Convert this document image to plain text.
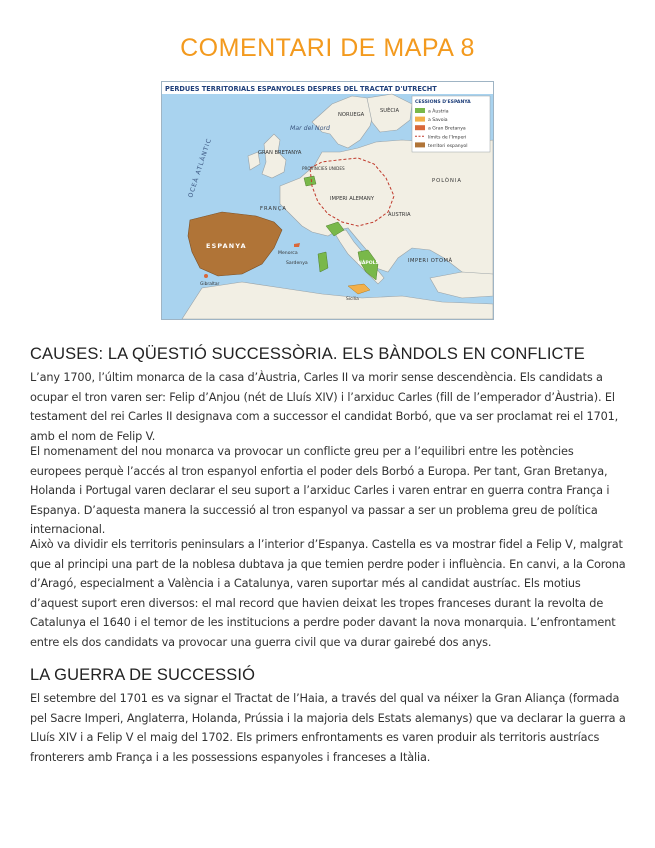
COMENTARI DE MAPA 8
PERDUES TERRITORIALS ESPANYOLES DESPRES DEL TRACTAT D'UTRECHT
OCEÀ ATLÀNTIC
Mar del Nord
NORUEGA
SUÈCIA
GRAN BRETANYA
PROVÍNCIES UNIDES
POLÒNIA
IMPERI ALEMANY
FRANÇA
ÀUSTRIA
IMPERI OTOMÀ
Menorca
Sardenya
Gibraltar
Sicília
ESPANYA
NÀPOLS
CESSIONS D'ESPANYA
a Àustria
a Savoia
a Gran Bretanya
límits de l'Imperi
territori espanyol
CAUSES: LA QÜESTIÓ SUCCESSÒRIA. ELS BÀNDOLS EN CONFLICTE

L’any 1700, l’últim monarca de la casa d’Àustria, Carles II va morir sense descendència. Els candidats a ocupar el tron varen ser: Felip d’Anjou (nét de Lluís XIV) i l’arxiduc Carles (fill de l’emperador d’Àustria). El testament del rei Carles II designava com a successor el candidat Borbó, que va ser proclamat rei el 1701, amb el nom de Felip V.

El nomenament del nou monarca va provocar un conflicte greu per a l’equilibri entre les potències europees perquè l’accés al tron espanyol enfortia el poder dels Borbó a Europa. Per tant, Gran Bretanya, Holanda i Portugal varen declarar el seu suport a l’arxiduc Carles i varen entrar en guerra contra França i Espanya. D’aquesta manera la successió al tron espanyol va passar a ser un problema greu de política internacional.

Això va dividir els territoris peninsulars a l’interior d’Espanya. Castella es va mostrar fidel a Felip V, malgrat que al principi una part de la noblesa dubtava ja que temien perdre poder i influència. En canvi, a la Corona d’Aragó, especialment a València i a Catalunya, varen suportar més al candidat austríac. Els motius d’aquest suport eren diversos: el mal record que havien deixat les tropes franceses durant la revolta de Catalunya el 1640 i el temor de les institucions a perdre poder davant la nova monarquia. L’enfrontament entre els dos candidats va provocar una guerra civil que va durar gairebé dos anys.

LA GUERRA DE SUCCESSIÓ

El setembre del 1701 es va signar el Tractat de l’Haia, a través del qual va néixer la Gran Aliança (formada pel Sacre Imperi, Anglaterra, Holanda, Prússia i la majoria dels Estats alemanys) que va declarar la guerra a Lluís XIV i a Felip V el maig del 1702. Els primers enfrontaments es varen produir als territoris austríacs fronterers amb França i a les possessions espanyoles i franceses a Itàlia.
